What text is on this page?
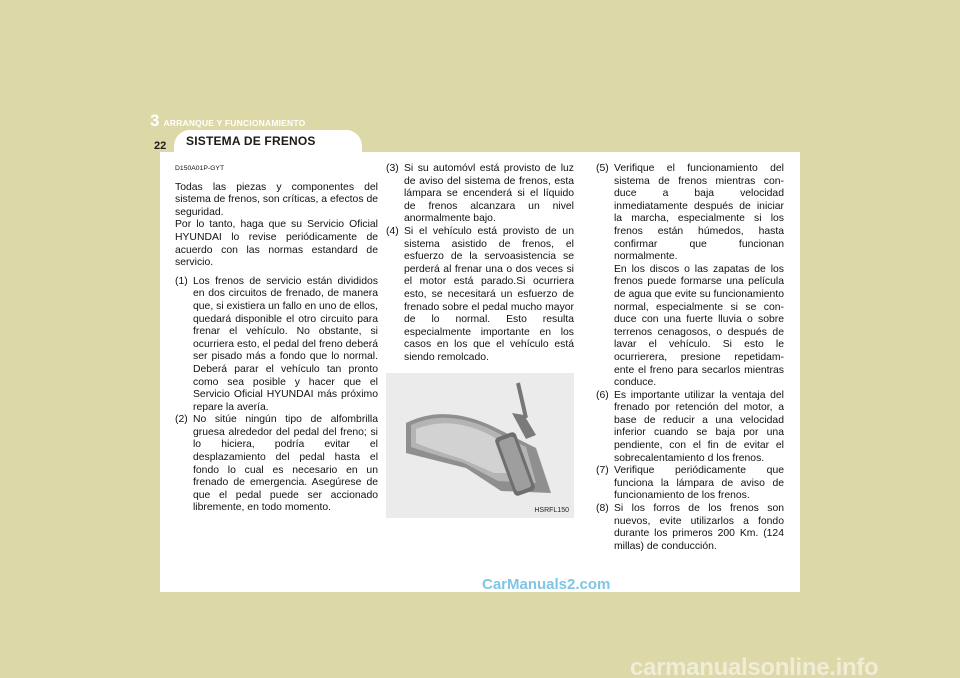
3 ARRANQUE Y FUNCIONAMIENTO
22 SISTEMA DE FRENOS
D150A01P-GYT

Todas las piezas y componentes del sistema de frenos, son críticas, a efectos de seguridad.

Por lo tanto, haga que su Servicio Oficial HYUNDAI lo revise periódicamente de acuerdo con las normas estandard de servicio.

(1) Los frenos de servicio están divididos en dos circuitos de frenado, de manera que, si existiera un fallo en uno de ellos, quedará disponible el otro circuito para frenar el vehículo. No obstante, si ocurriera esto, el pedal del freno deberá ser pisado más a fondo que lo normal. Deberá parar el vehículo tan pronto como sea posible y hacer que el Servicio Oficial HYUNDAI más próximo repare la avería.
(2) No sitúe ningún tipo de alfombrilla gruesa alrededor del pedal del freno; si lo hiciera, podría evitar el desplazamiento del pedal hasta el fondo lo cual es necesario en un frenado de emergencia. Asegúrese de que el pedal puede ser accionado libremente, en todo momento.
(3) Si su automóvl está provisto de luz de aviso del sistema de frenos, esta lámpara se encenderá si el líquido de frenos alcanzara un nivel anormalmente bajo.
(4) Si el vehículo está provisto de un sistema asistido de frenos, el esfuerzo de la servoasistencia se perderá al frenar una o dos veces si el motor está parado.Si ocurriera esto, se necesitará un esfuerzo de frenado sobre el pedal mucho mayor de lo normal. Esto resulta especialmente importante en los casos en los que el vehículo está siendo remolcado.
HSRFL150
(5) Verifique el funcionamiento del sistema de frenos mientras con- duce a baja velocidad inmediatamente después de iniciar la marcha, especialmente si los frenos están húmedos, hasta confirmar que funcionan normalmente.
En los discos o las zapatas de los frenos puede formarse una película de agua que evite su funcionamiento normal, especialmente si se con- duce con una fuerte lluvia o sobre terrenos cenagosos, o después de lavar el vehículo. Si esto le ocurrierera, presione repetidam- ente el freno para secarlos mientras conduce.
(6) Es importante utilizar la ventaja del frenado por retención del motor, a base de reducir a una velocidad inferior cuando se baja por una pendiente, con el fin de evitar el sobrecalentamiento d los frenos.
(7) Verifique periódicamente que funciona la lámpara de aviso de funcionamiento de los frenos.
(8) Si los forros de los frenos son nuevos, evite utilizarlos a fondo durante los primeros 200 Km. (124 millas) de conducción.
CarManuals2.com
carmanualsonline.info
